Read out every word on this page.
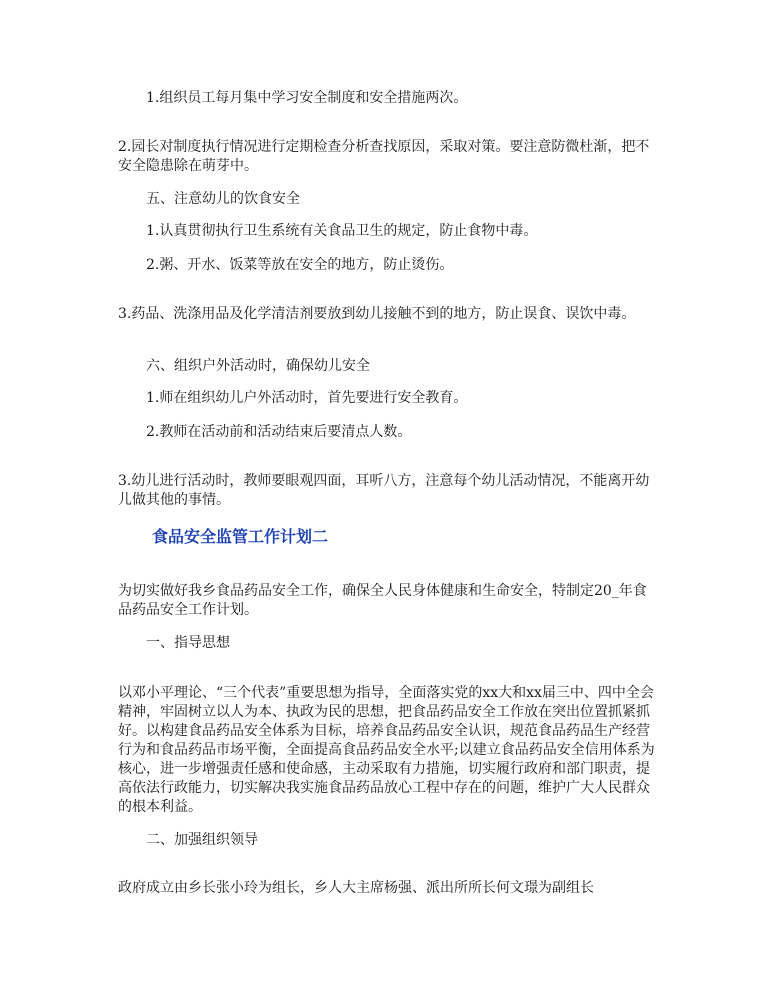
1.组织员工每月集中学习安全制度和安全措施两次。

2.园长对制度执行情况进行定期检查分析查找原因，采取对策。要注意防微杜渐，把不安全隐患除在萌芽中。

五、注意幼儿的饮食安全

1.认真贯彻执行卫生系统有关食品卫生的规定，防止食物中毒。

2.粥、开水、饭菜等放在安全的地方，防止烫伤。

3.药品、洗涤用品及化学清洁剂要放到幼儿接触不到的地方，防止误食、误饮中毒。

六、组织户外活动时，确保幼儿安全

1.师在组织幼儿户外活动时，首先要进行安全教育。

2.教师在活动前和活动结束后要清点人数。

3.幼儿进行活动时，教师要眼观四面，耳听八方，注意每个幼儿活动情况，不能离开幼儿做其他的事情。

食品安全监管工作计划二

为切实做好我乡食品药品安全工作，确保全人民身体健康和生命安全，特制定20_年食品药品安全工作计划。

一、指导思想

以邓小平理论、“三个代表”重要思想为指导，全面落实党的xx大和xx届三中、四中全会精神，牢固树立以人为本、执政为民的思想，把食品药品安全工作放在突出位置抓紧抓好。以构建食品药品安全体系为目标，培养食品药品安全认识，规范食品药品生产经营行为和食品药品市场平衡，全面提高食品药品安全水平;以建立食品药品安全信用体系为核心，进一步增强责任感和使命感，主动采取有力措施，切实履行政府和部门职责，提高依法行政能力，切实解决我实施食品药品放心工程中存在的问题，维护广大人民群众的根本利益。

二、加强组织领导

政府成立由乡长张小玲为组长，乡人大主席杨强、派出所所长何文璟为副组长
